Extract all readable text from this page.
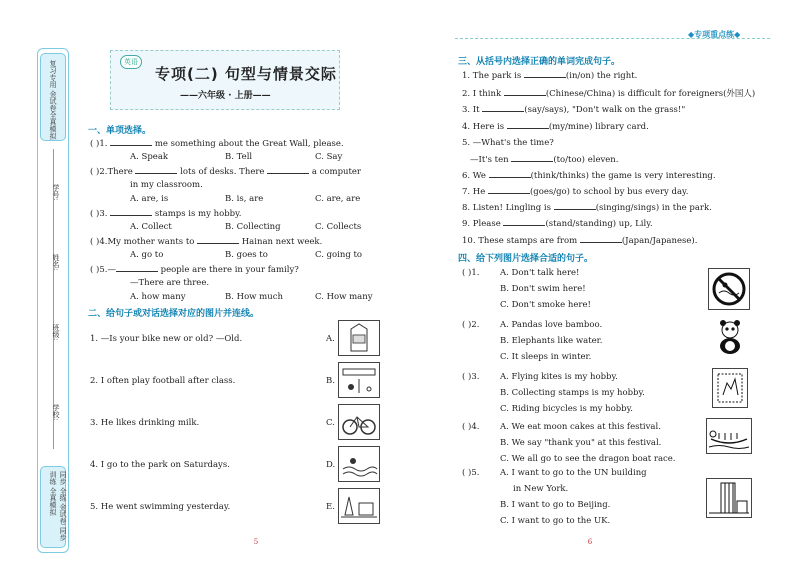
复习专用 金试卷全真模拟
学号:
姓名:
班级:
学校:
同步 全练 金试卷 同步训练 全真模拟
英语
专项(二) 句型与情景交际
——六年级 · 上册——
◆专项重点练◆
一、单项选择。
( )1.	me something about the Great Wall, please.
A. Speak	B. Tell	C. Say
( )2.There	lots of desks. There	a computer
in my classroom.
A. are, is	B. is, are	C. are, are
( )3.	stamps is my hobby.
A. Collect	B. Collecting	C. Collects
( )4.My mother wants to	Hainan next week.
A. go to	B. goes to	C. going to
( )5.—	people are there in your family?
—There are three.
A. how many	B. How much	C. How many
二、给句子或对话选择对应的图片并连线。
1. —Is your bike new or old? —Old.	A.
2. I often play football after class.	B.
3. He likes drinking milk.	C.
4. I go to the park on Saturdays.	D.
5. He went swimming yesterday.	E.
5
三、从括号内选择正确的单词完成句子。
1. The park is	(in/on) the right.
2. I think	(Chinese/China) is difficult for foreigners(外国人)
3. It	(say/says), "Don't walk on the grass!"
4. Here is	(my/mine) library card.
5. —What's the time?
—It's ten	(to/too) eleven.
6. We	(think/thinks) the game is very interesting.
7. He	(goes/go) to school by bus every day.
8. Listen! Lingling is	(singing/sings) in the park.
9. Please	(stand/standing) up, Lily.
10. These stamps are from	(Japan/Japanese).
四、给下列图片选择合适的句子。
( )1. A. Don't talk here!
B. Don't swim here!
C. Don't smoke here!
( )2. A. Pandas love bamboo.
B. Elephants like water.
C. It sleeps in winter.
( )3. A. Flying kites is my hobby.
B. Collecting stamps is my hobby.
C. Riding bicycles is my hobby.
( )4. A. We eat moon cakes at this festival.
B. We say "thank you" at this festival.
C. We all go to see the dragon boat race.
( )5. A. I want to go to the UN building
in New York.
B. I want to go to Beijing.
C. I want to go to the UK.
6
